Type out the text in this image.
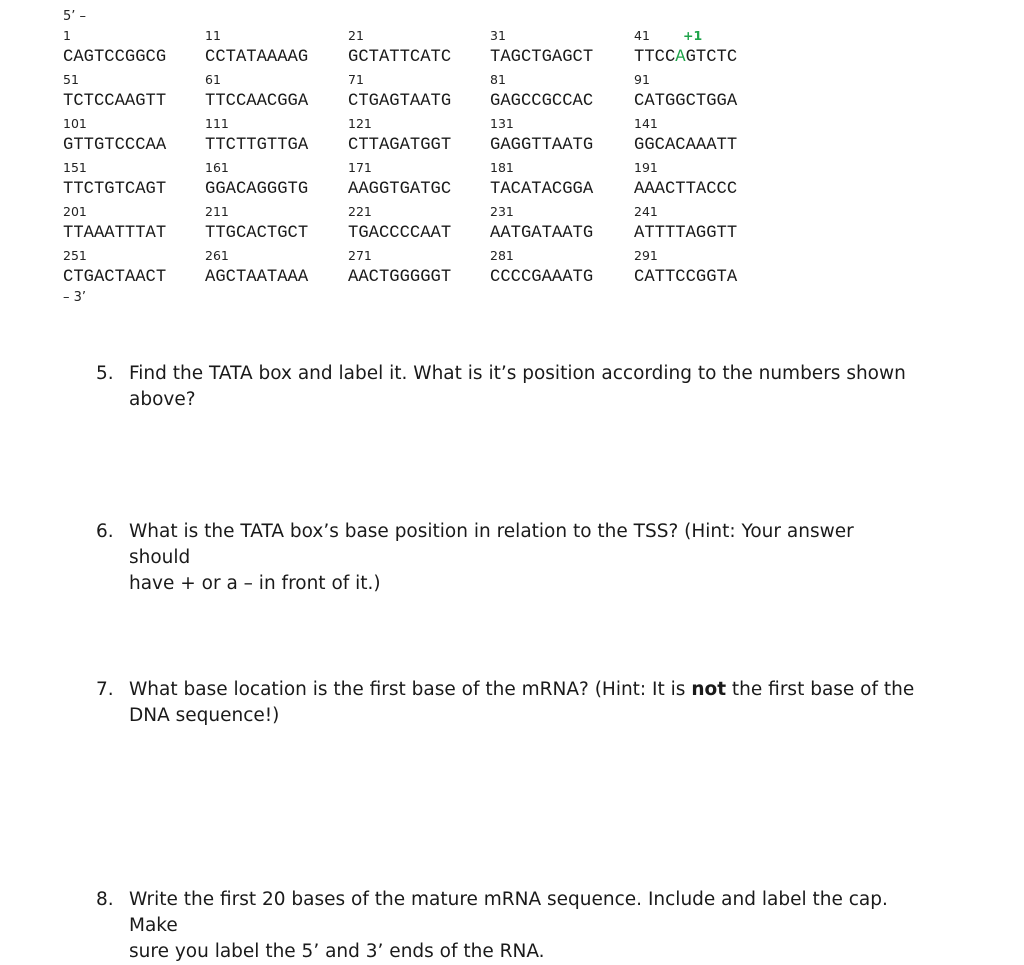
5’ –
1	11	21	31	41	+1
CAGTCCGGCG CCTATAAAAG GCTATTCATC TAGCTGAGCT TTCCAGTCTC
51	61	71	81	91
TCTCCAAGTT TTCCAACGGA CTGAGTAATG GAGCCGCCAC CATGGCTGGA
101	111	121	131	141
GTTGTCCCAA TTCTTGTTGA CTTAGATGGT GAGGTTAATG GGCACAAATT
151	161	171	181	191
TTCTGTCAGT GGACAGGGTG AAGGTGATGC TACATACGGA AAACTTACCC
201	211	221	231	241
TTAAATTTAT TTGCACTGCT TGACCCCAAT AATGATAATG ATTTTAGGTT
251	261	271	281	291
CTGACTAACT AGCTAATAAA AACTGGGGGT CCCCGAAATG CATTCCGGTA
– 3’
5. Find the TATA box and label it. What is it’s position according to the numbers shown
above?
6. What is the TATA box’s base position in relation to the TSS? (Hint: Your answer should
have + or a – in front of it.)
7. What base location is the first base of the mRNA? (Hint: It is not the first base of the
DNA sequence!)
8. Write the first 20 bases of the mature mRNA sequence. Include and label the cap. Make
sure you label the 5’ and 3’ ends of the RNA.
